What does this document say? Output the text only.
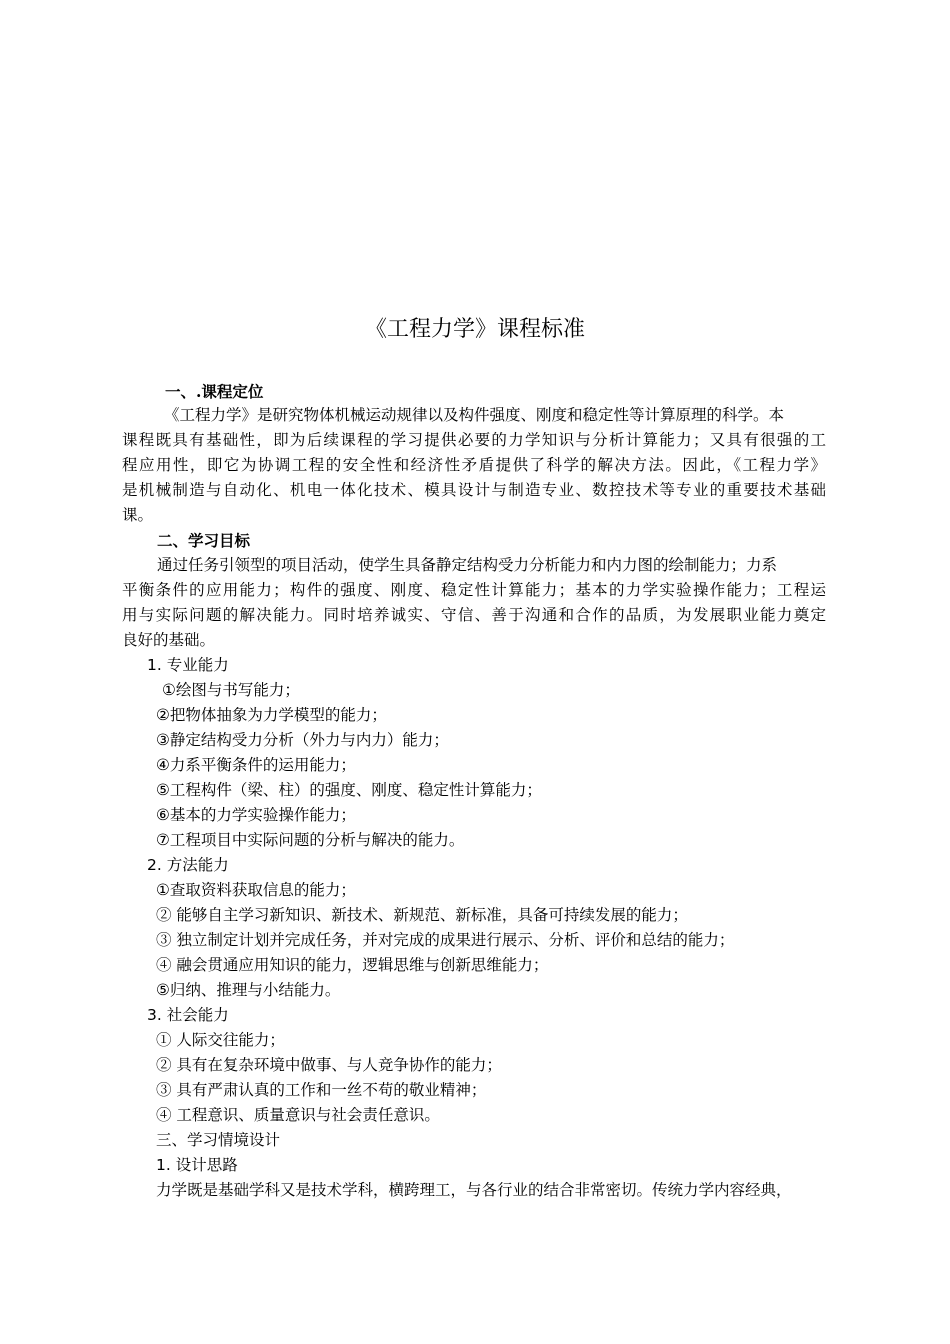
《工程力学》课程标准
一、.课程定位
《工程力学》是研究物体机械运动规律以及构件强度、刚度和稳定性等计算原理的科学。本
课程既具有基础性，即为后续课程的学习提供必要的力学知识与分析计算能力；又具有很强的工
程应用性，即它为协调工程的安全性和经济性矛盾提供了科学的解决方法。因此，《工程力学》
是机械制造与自动化、机电一体化技术、模具设计与制造专业、数控技术等专业的重要技术基础
课。
二、学习目标
通过任务引领型的项目活动，使学生具备静定结构受力分析能力和内力图的绘制能力；力系
平衡条件的应用能力；构件的强度、刚度、稳定性计算能力；基本的力学实验操作能力；工程运
用与实际问题的解决能力。同时培养诚实、守信、善于沟通和合作的品质，为发展职业能力奠定
良好的基础。
1. 专业能力
①绘图与书写能力；
②把物体抽象为力学模型的能力；
③静定结构受力分析（外力与内力）能力；
④力系平衡条件的运用能力；
⑤工程构件（梁、柱）的强度、刚度、稳定性计算能力；
⑥基本的力学实验操作能力；
⑦工程项目中实际问题的分析与解决的能力。
2. 方法能力
①查取资料获取信息的能力；
② 能够自主学习新知识、新技术、新规范、新标准，具备可持续发展的能力；
③ 独立制定计划并完成任务，并对完成的成果进行展示、分析、评价和总结的能力；
④ 融会贯通应用知识的能力，逻辑思维与创新思维能力；
⑤归纳、推理与小结能力。
3. 社会能力
① 人际交往能力；
② 具有在复杂环境中做事、与人竞争协作的能力；
③ 具有严肃认真的工作和一丝不苟的敬业精神；
④ 工程意识、质量意识与社会责任意识。
三、学习情境设计
1. 设计思路
力学既是基础学科又是技术学科，横跨理工，与各行业的结合非常密切。传统力学内容经典，
